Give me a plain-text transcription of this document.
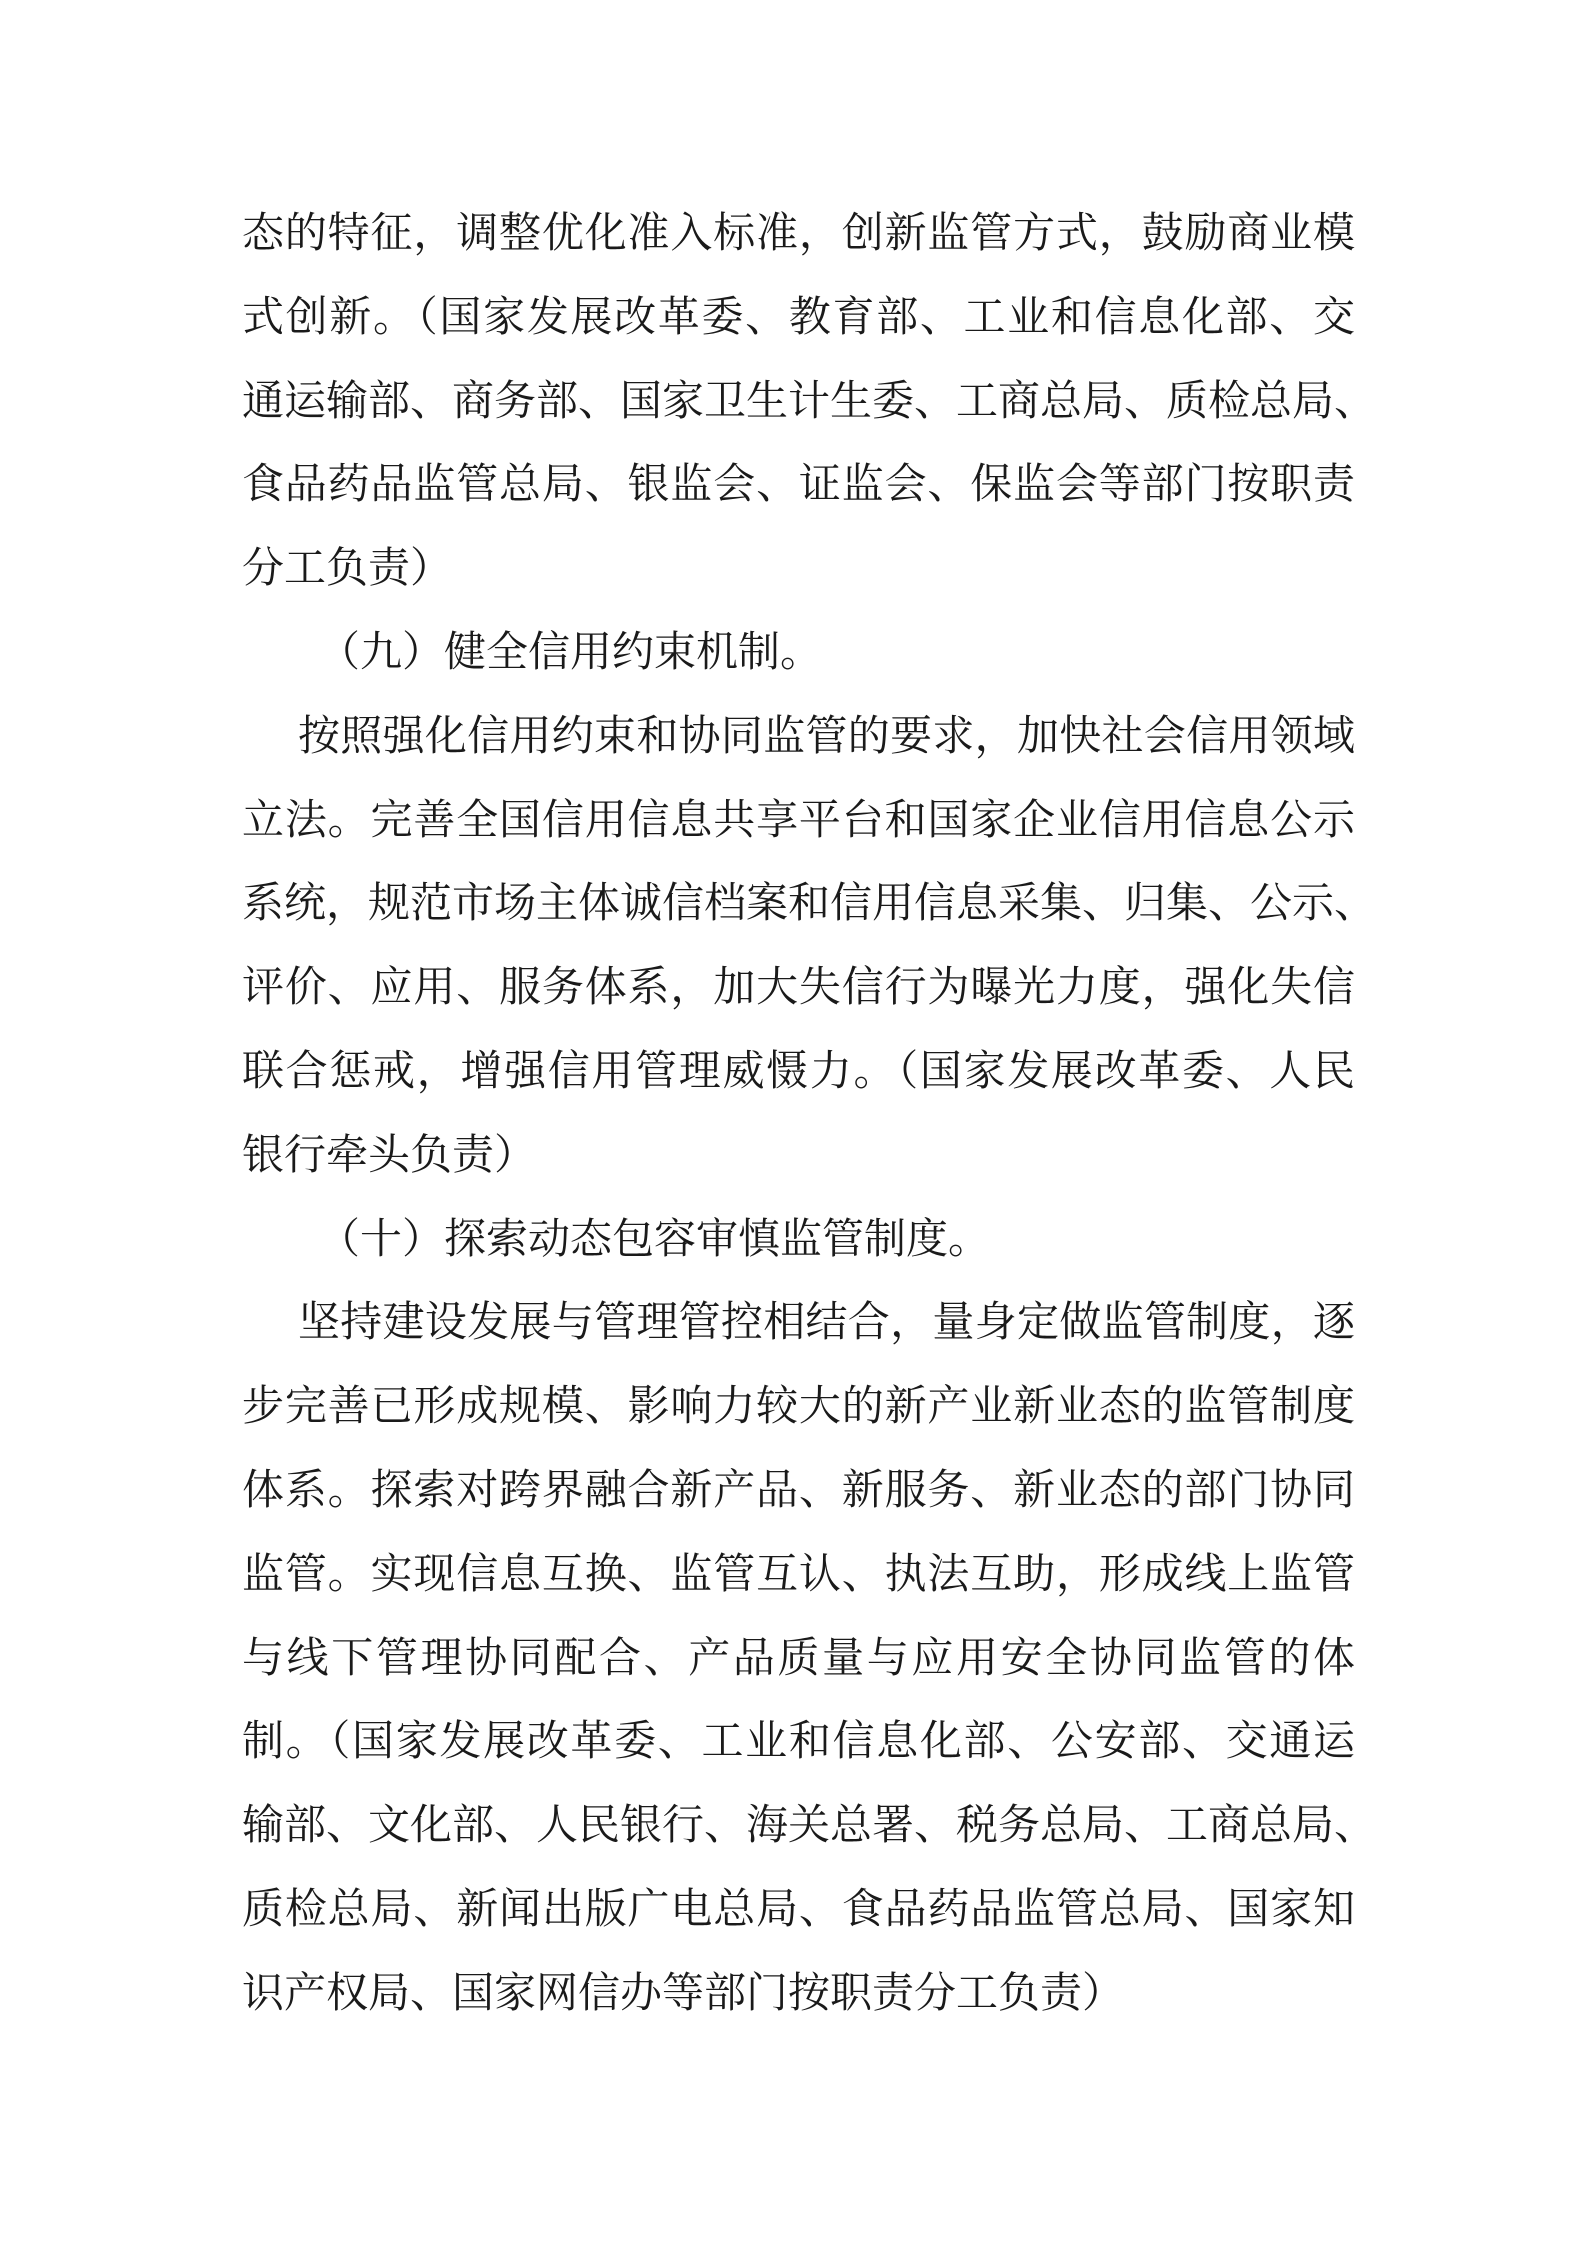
态的特征，调整优化准入标准，创新监管方式，鼓励商业模
式创新。（国家发展改革委、教育部、工业和信息化部、交
通运输部、商务部、国家卫生计生委、工商总局、质检总局、
食品药品监管总局、银监会、证监会、保监会等部门按职责
分工负责）
（九）健全信用约束机制。
按照强化信用约束和协同监管的要求，加快社会信用领域
立法。完善全国信用信息共享平台和国家企业信用信息公示
系统，规范市场主体诚信档案和信用信息采集、归集、公示、
评价、应用、服务体系，加大失信行为曝光力度，强化失信
联合惩戒，增强信用管理威慑力。（国家发展改革委、人民
银行牵头负责）
（十）探索动态包容审慎监管制度。
坚持建设发展与管理管控相结合，量身定做监管制度，逐
步完善已形成规模、影响力较大的新产业新业态的监管制度
体系。探索对跨界融合新产品、新服务、新业态的部门协同
监管。实现信息互换、监管互认、执法互助，形成线上监管
与线下管理协同配合、产品质量与应用安全协同监管的体
制。（国家发展改革委、工业和信息化部、公安部、交通运
输部、文化部、人民银行、海关总署、税务总局、工商总局、
质检总局、新闻出版广电总局、食品药品监管总局、国家知
识产权局、国家网信办等部门按职责分工负责）
